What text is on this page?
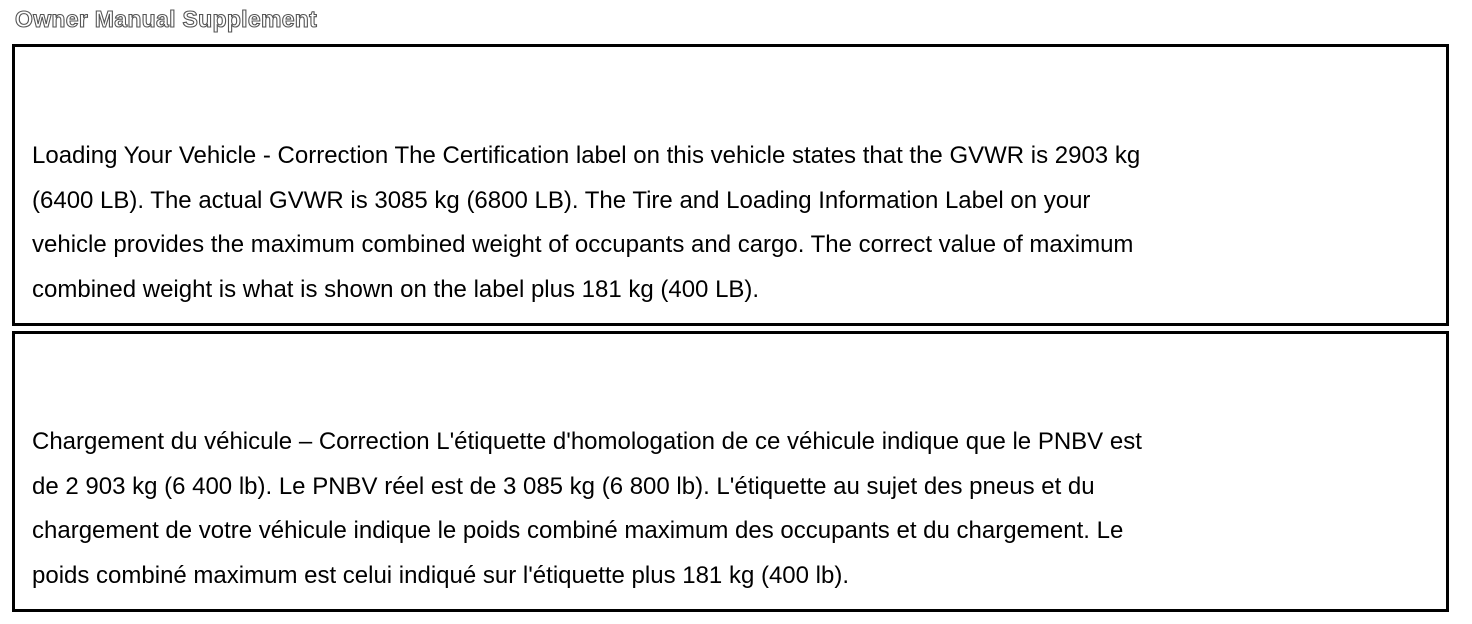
Owner Manual Supplement

Loading Your Vehicle - Correction The Certification label on this vehicle states that the GVWR is 2903 kg
(6400 LB). The actual GVWR is 3085 kg (6800 LB). The Tire and Loading Information Label on your
vehicle provides the maximum combined weight of occupants and cargo. The correct value of maximum
combined weight is what is shown on the label plus 181 kg (400 LB).

Chargement du véhicule – Correction L'étiquette d'homologation de ce véhicule indique que le PNBV est
de 2 903 kg (6 400 lb). Le PNBV réel est de 3 085 kg (6 800 lb). L'étiquette au sujet des pneus et du
chargement de votre véhicule indique le poids combiné maximum des occupants et du chargement. Le
poids combiné maximum est celui indiqué sur l'étiquette plus 181 kg (400 lb).
